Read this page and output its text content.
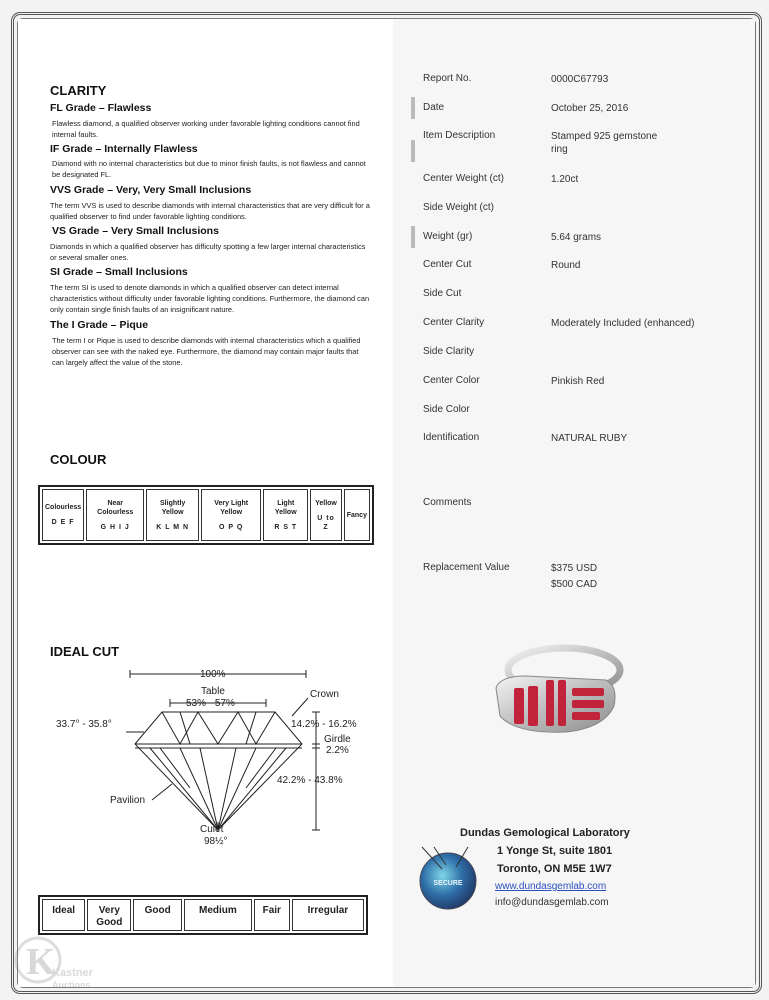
CLARITY
FL Grade – Flawless
Flawless diamond, a qualified observer working under favorable lighting conditions cannot find internal faults.
IF Grade – Internally Flawless
Diamond with no internal characteristics but due to minor finish faults, is not flawless and cannot be designated FL.
VVS Grade – Very, Very Small Inclusions
The term VVS is used to describe diamonds with internal characteristics that are very difficult for a qualified observer to find under favorable lighting conditions.
VS Grade – Very Small Inclusions
Diamonds in which a qualified observer has difficulty spotting a few larger internal characteristics or several smaller ones.
SI Grade – Small Inclusions
The term SI is used to denote diamonds in which a qualified observer can detect internal characteristics without difficulty under favorable lighting conditions. Furthermore, the diamond can only contain single finish faults of an insignificant nature.
The I Grade – Pique
The term I or Pique is used to describe diamonds with internal characteristics which a qualified observer can see with the naked eye. Furthermore, the diamond may contain major faults that can largely affect the value of the stone.
COLOUR
Colourless
D E F
	Near Colourless
G H I J
	Slightly Yellow
K L M N
	Very Light Yellow
O P Q
	Light Yellow
R S T
	Yellow
U to Z
	Fancy
IDEAL CUT
100%
Table
53% - 57%
Crown
33.7° - 35.8°	14.2% - 16.2%
Girdle
2.2%
42.2% - 43.8%
Pavilion
Culet
98½°
Ideal	Very Good	Good	Medium	Fair	Irregular
Report No.	0000C67793
Date	October 25, 2016
Item Description	Stamped 925 gemstone ring
Center Weight (ct)	1.20ct
Side Weight (ct)
Weight (gr)	5.64 grams
Center Cut	Round
Side Cut
Center Clarity	Moderately Included (enhanced)
Side Clarity
Center Color	Pinkish Red
Side Color
Identification	NATURAL RUBY
Comments
Replacement Value	$375 USD
$500 CAD
SECURE
Dundas Gemological Laboratory
1 Yonge St, suite 1801
Toronto, ON M5E 1W7
www.dundasgemlab.com
info@dundasgemlab.com
K
Kastner
Auctions
